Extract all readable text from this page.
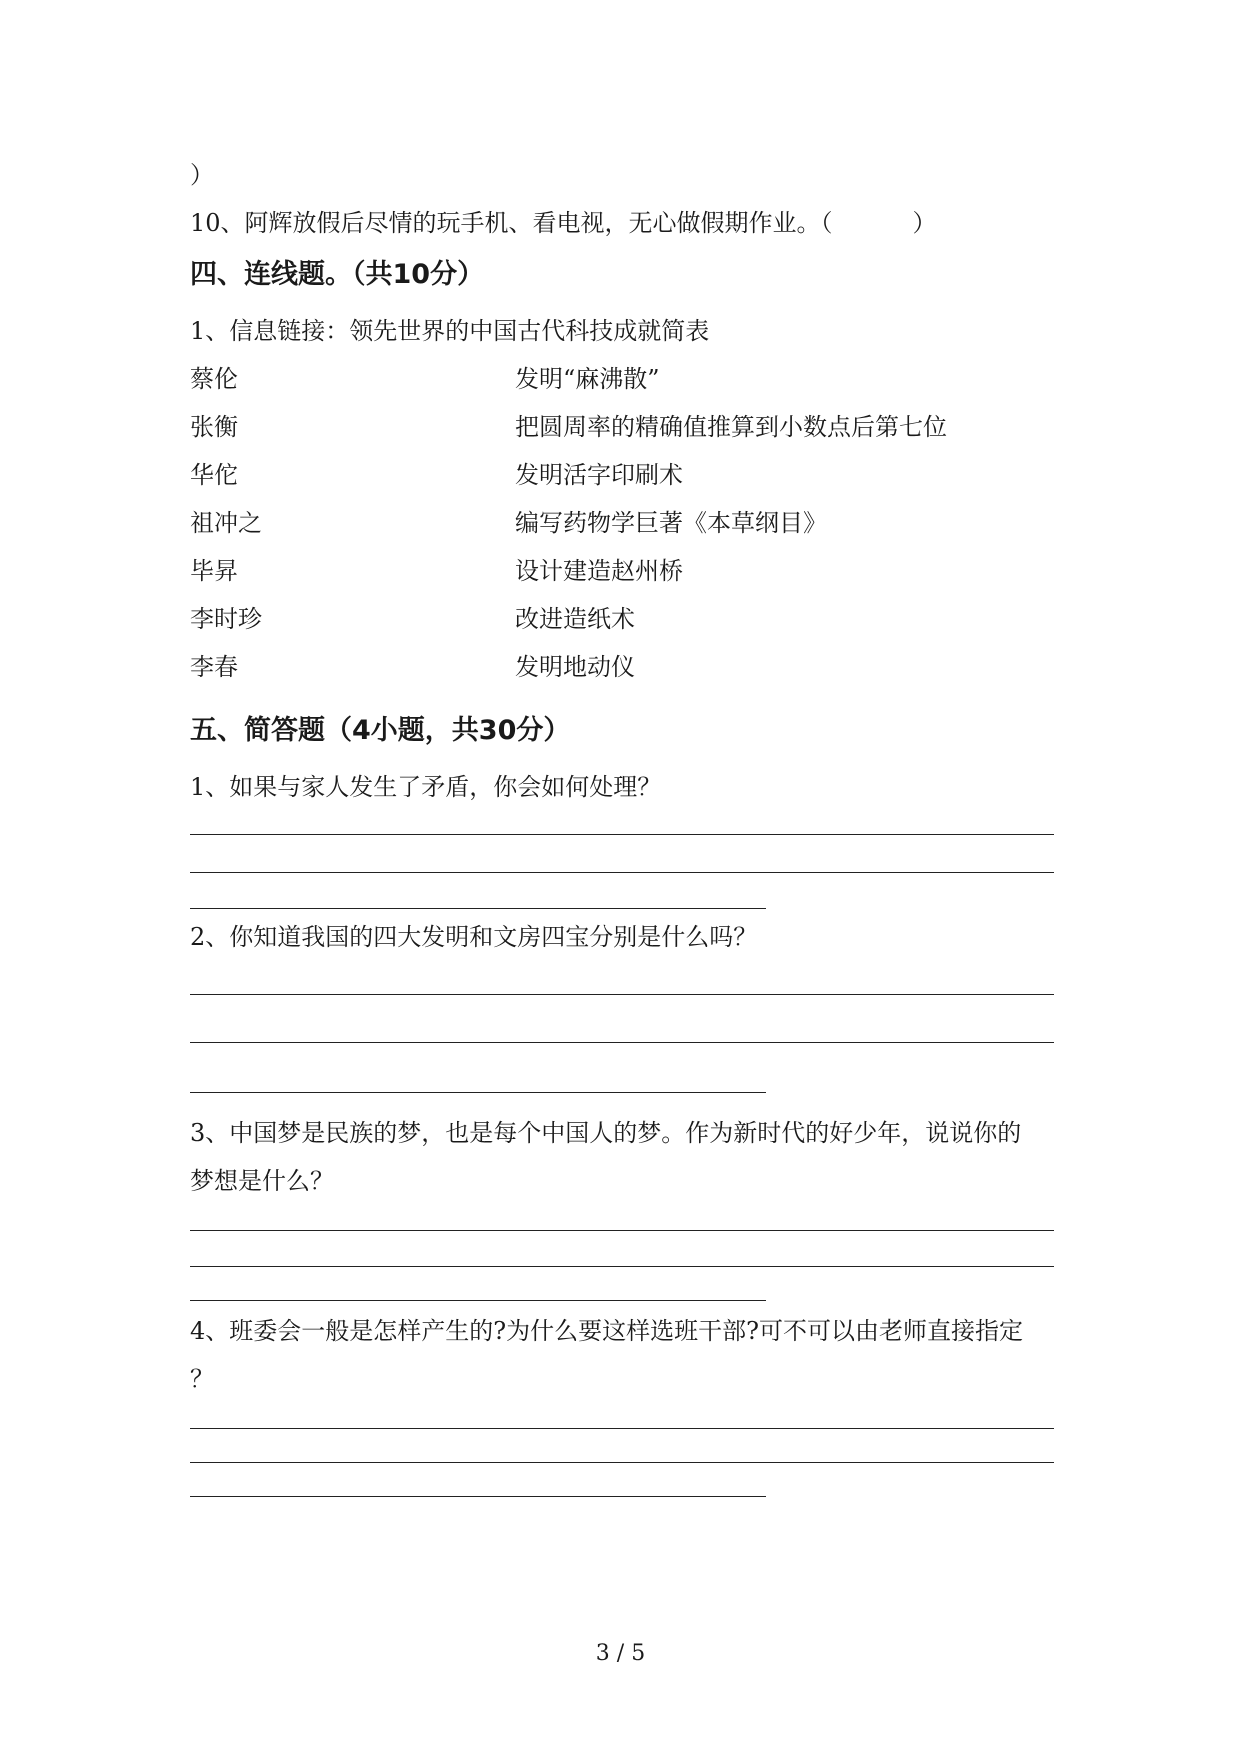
）
10、阿辉放假后尽情的玩手机、看电视，无心做假期作业。（	）
四、连线题。（共10分）
1、信息链接：领先世界的中国古代科技成就简表
蔡伦	发明“麻沸散”
张衡	把圆周率的精确值推算到小数点后第七位
华佗	发明活字印刷术
祖冲之	编写药物学巨著《本草纲目》
毕昇	设计建造赵州桥
李时珍	改进造纸术
李春	发明地动仪
五、简答题（4小题，共30分）
1、如果与家人发生了矛盾，你会如何处理？
2、你知道我国的四大发明和文房四宝分别是什么吗？
3、中国梦是民族的梦，也是每个中国人的梦。作为新时代的好少年，说说你的
梦想是什么？
4、班委会一般是怎样产生的?为什么要这样选班干部?可不可以由老师直接指定
？
3 / 5
